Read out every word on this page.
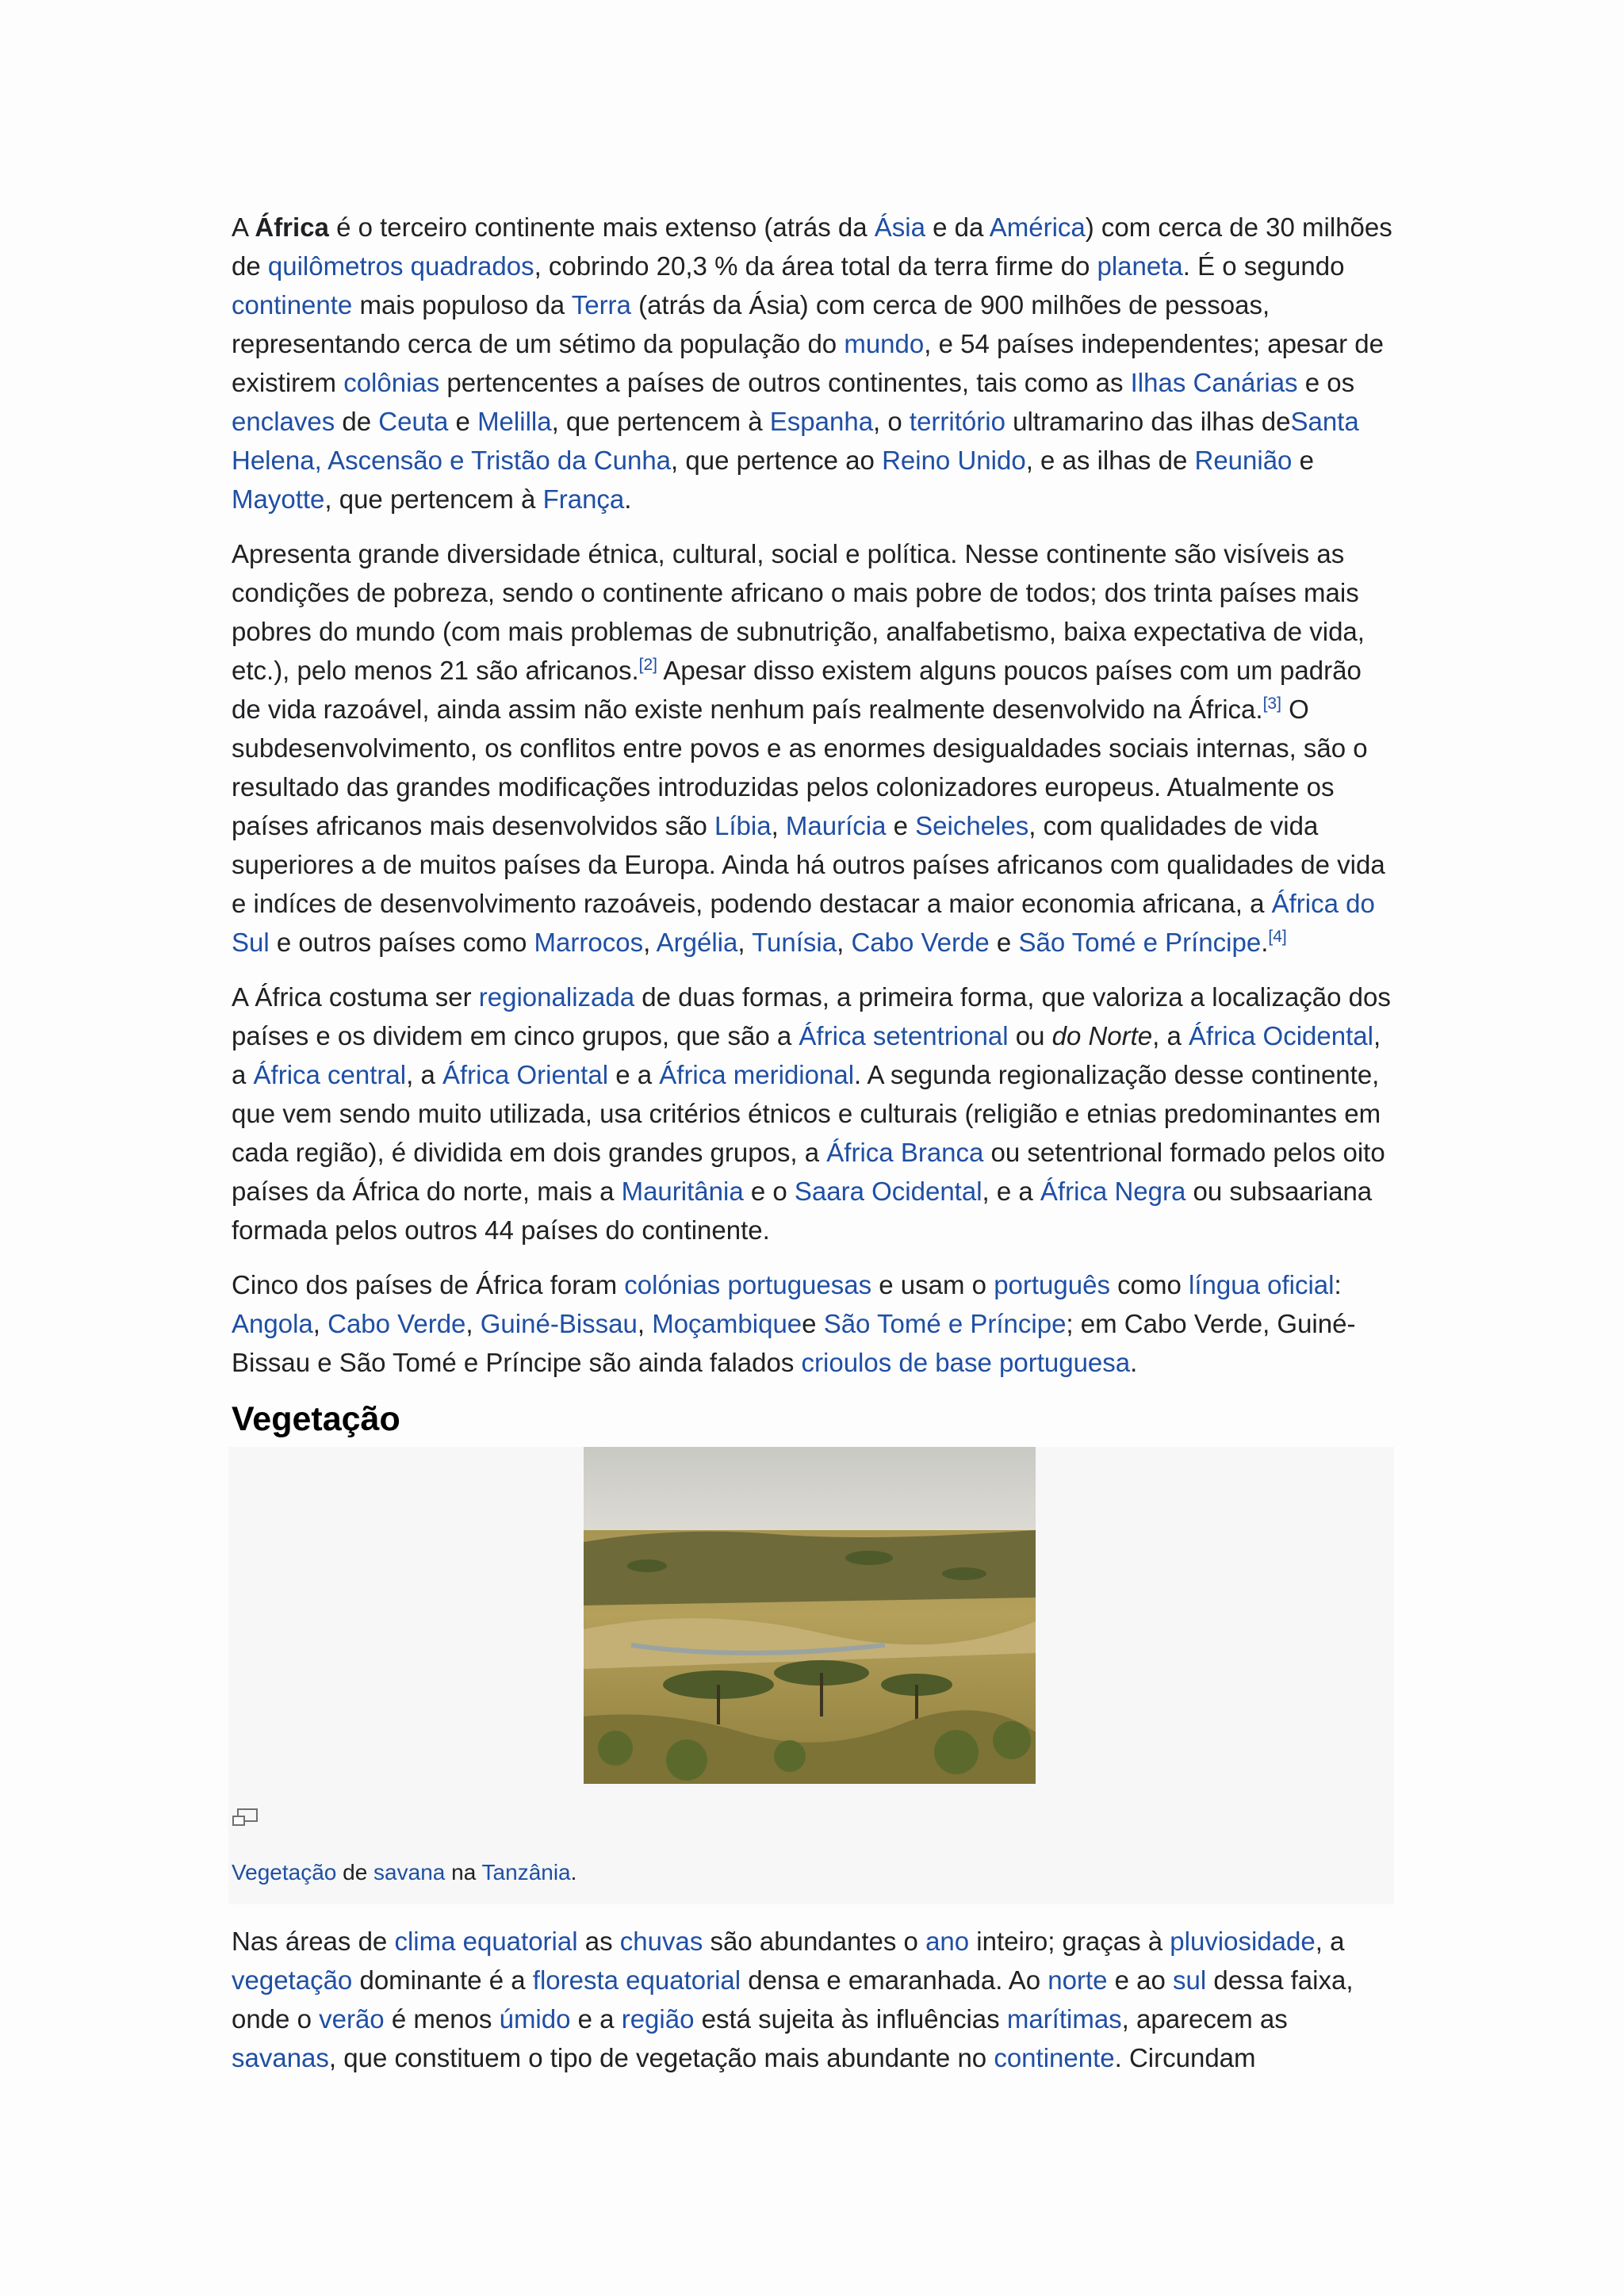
A África é o terceiro continente mais extenso (atrás da Ásia e da América) com cerca de 30 milhões de quilômetros quadrados, cobrindo 20,3 % da área total da terra firme do planeta. É o segundo continente mais populoso da Terra (atrás da Ásia) com cerca de 900 milhões de pessoas, representando cerca de um sétimo da população do mundo, e 54 países independentes; apesar de existirem colônias pertencentes a países de outros continentes, tais como as Ilhas Canárias e os enclaves de Ceuta e Melilla, que pertencem à Espanha, o território ultramarino das ilhas deSanta Helena, Ascensão e Tristão da Cunha, que pertence ao Reino Unido, e as ilhas de Reunião e Mayotte, que pertencem à França.

Apresenta grande diversidade étnica, cultural, social e política. Nesse continente são visíveis as condições de pobreza, sendo o continente africano o mais pobre de todos; dos trinta países mais pobres do mundo (com mais problemas de subnutrição, analfabetismo, baixa expectativa de vida, etc.), pelo menos 21 são africanos.[2] Apesar disso existem alguns poucos países com um padrão de vida razoável, ainda assim não existe nenhum país realmente desenvolvido na África.[3] O subdesenvolvimento, os conflitos entre povos e as enormes desigualdades sociais internas, são o resultado das grandes modificações introduzidas pelos colonizadores europeus. Atualmente os países africanos mais desenvolvidos são Líbia, Maurícia e Seicheles, com qualidades de vida superiores a de muitos países da Europa. Ainda há outros países africanos com qualidades de vida e indíces de desenvolvimento razoáveis, podendo destacar a maior economia africana, a África do Sul e outros países como Marrocos, Argélia, Tunísia, Cabo Verde e São Tomé e Príncipe.[4]

A África costuma ser regionalizada de duas formas, a primeira forma, que valoriza a localização dos países e os dividem em cinco grupos, que são a África setentrional ou do Norte, a África Ocidental, a África central, a África Oriental e a África meridional. A segunda regionalização desse continente, que vem sendo muito utilizada, usa critérios étnicos e culturais (religião e etnias predominantes em cada região), é dividida em dois grandes grupos, a África Branca ou setentrional formado pelos oito países da África do norte, mais a Mauritânia e o Saara Ocidental, e a África Negra ou subsaariana formada pelos outros 44 países do continente.

Cinco dos países de África foram colónias portuguesas e usam o português como língua oficial: Angola, Cabo Verde, Guiné-Bissau, Moçambiquee São Tomé e Príncipe; em Cabo Verde, Guiné-Bissau e São Tomé e Príncipe são ainda falados crioulos de base portuguesa.

Vegetação
Vegetação de savana na Tanzânia.

Nas áreas de clima equatorial as chuvas são abundantes o ano inteiro; graças à pluviosidade, a vegetação dominante é a floresta equatorial densa e emaranhada. Ao norte e ao sul dessa faixa, onde o verão é menos úmido e a região está sujeita às influências marítimas, aparecem as savanas, que constituem o tipo de vegetação mais abundante no continente. Circundam
